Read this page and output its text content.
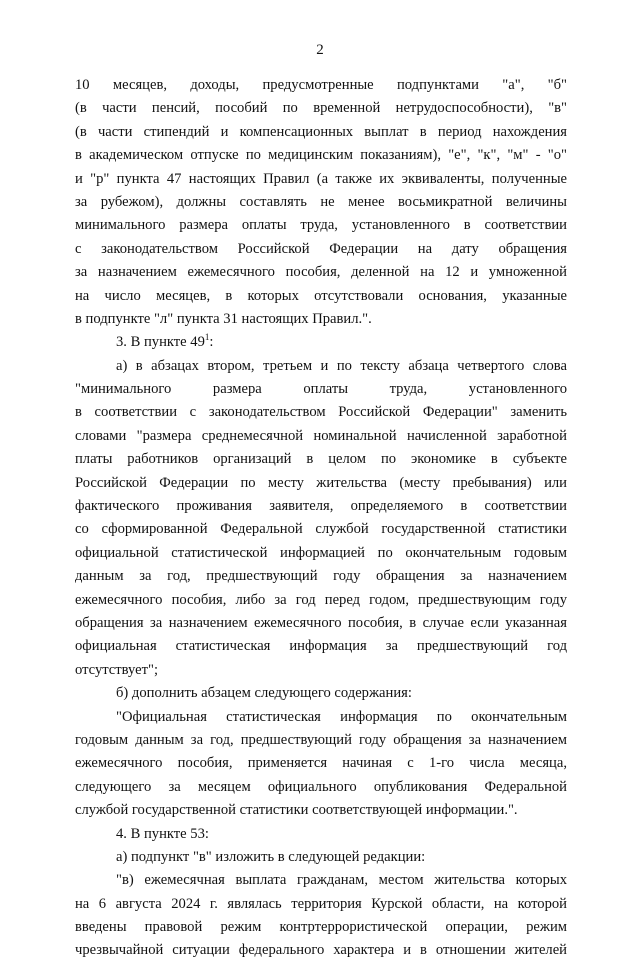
2
10 месяцев, доходы, предусмотренные подпунктами "а", "б"
(в части пенсий, пособий по временной нетрудоспособности), "в"
(в части стипендий и компенсационных выплат в период нахождения
в академическом отпуске по медицинским показаниям), "е", "к", "м" - "о"
и "р" пункта 47 настоящих Правил (а также их эквиваленты, полученные
за рубежом), должны составлять не менее восьмикратной величины
минимального размера оплаты труда, установленного в соответствии
с законодательством Российской Федерации на дату обращения
за назначением ежемесячного пособия, деленной на 12 и умноженной
на число месяцев, в которых отсутствовали основания, указанные
в подпункте "л" пункта 31 настоящих Правил.".
3. В пункте $49^1$:
а) в абзацах втором, третьем и по тексту абзаца четвертого слова
"минимального размера оплаты труда, установленного
в соответствии с законодательством Российской Федерации" заменить
словами "размера среднемесячной номинальной начисленной заработной
платы работников организаций в целом по экономике в субъекте
Российской Федерации по месту жительства (месту пребывания) или
фактического проживания заявителя, определяемого в соответствии
со сформированной Федеральной службой государственной статистики
официальной статистической информацией по окончательным годовым
данным за год, предшествующий году обращения за назначением
ежемесячного пособия, либо за год перед годом, предшествующим году
обращения за назначением ежемесячного пособия, в случае если указанная
официальная статистическая информация за предшествующий год
отсутствует";
б) дополнить абзацем следующего содержания:
"Официальная статистическая информация по окончательным
годовым данным за год, предшествующий году обращения за назначением
ежемесячного пособия, применяется начиная с 1-го числа месяца,
следующего за месяцем официального опубликования Федеральной
службой государственной статистики соответствующей информации.".
4. В пункте 53:
а) подпункт "в" изложить в следующей редакции:
"в) ежемесячная выплата гражданам, местом жительства которых
на 6 августа 2024 г. являлась территория Курской области, на которой
введены правовой режим контртеррористической операции, режим
чрезвычайной ситуации федерального характера и в отношении жителей
